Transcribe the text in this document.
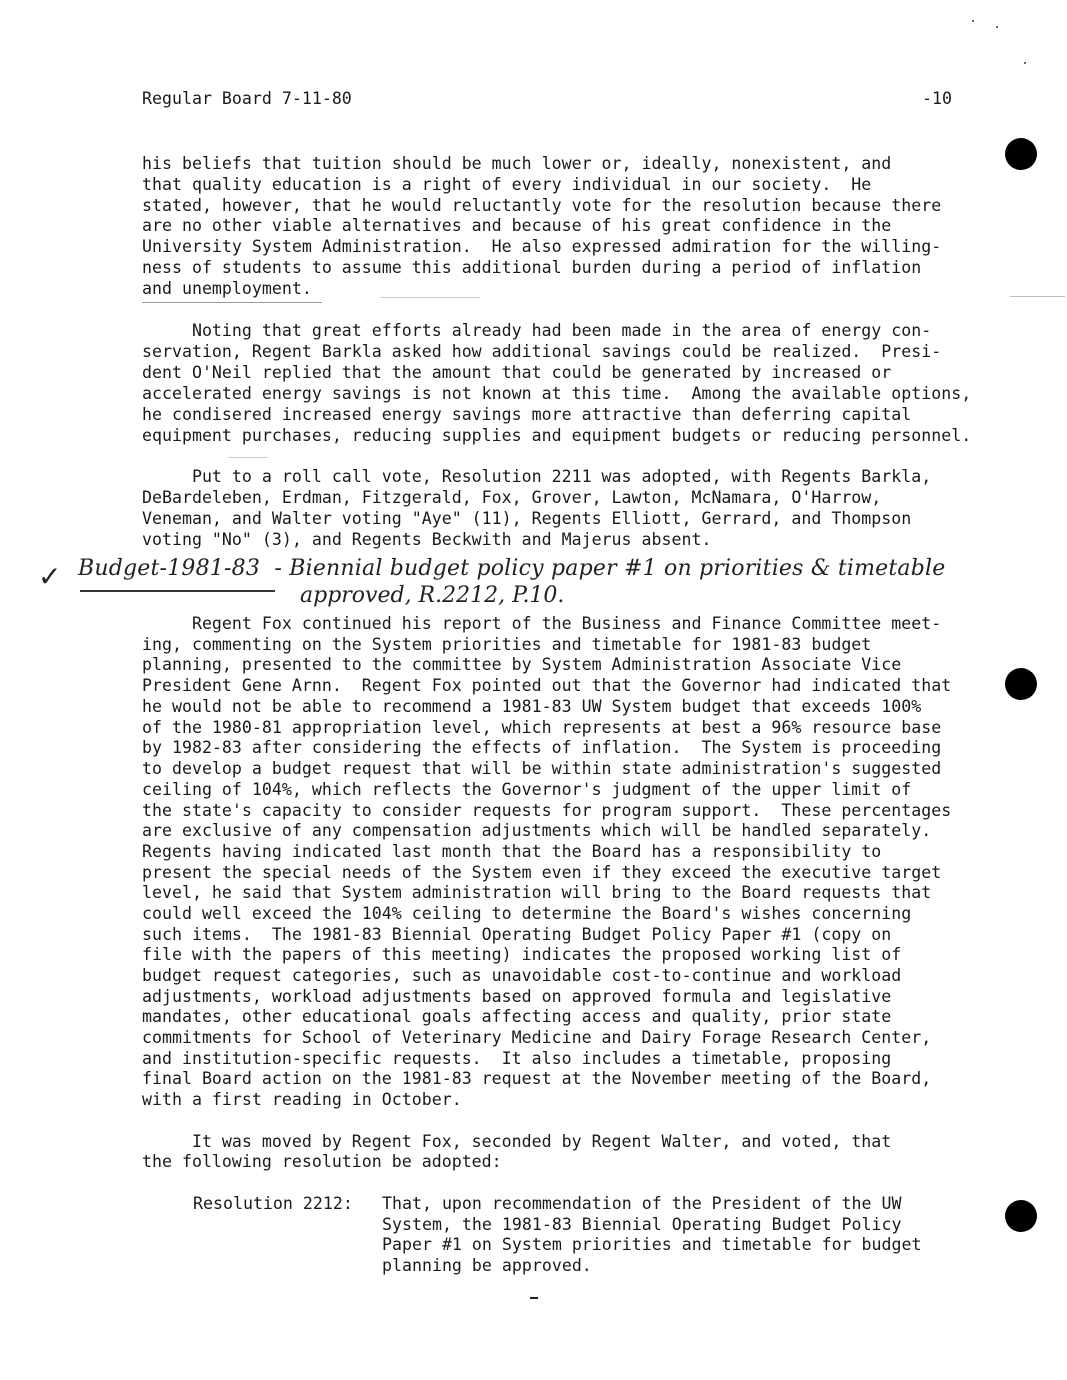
Regular Board 7-11-80	-10
his beliefs that tuition should be much lower or, ideally, nonexistent, and
that quality education is a right of every individual in our society.  He
stated, however, that he would reluctantly vote for the resolution because there
are no other viable alternatives and because of his great confidence in the
University System Administration.  He also expressed admiration for the willing-
ness of students to assume this additional burden during a period of inflation
and unemployment.
Noting that great efforts already had been made in the area of energy con-
servation, Regent Barkla asked how additional savings could be realized.  Presi-
dent O'Neil replied that the amount that could be generated by increased or
accelerated energy savings is not known at this time.  Among the available options,
he condisered increased energy savings more attractive than deferring capital
equipment purchases, reducing supplies and equipment budgets or reducing personnel.
Put to a roll call vote, Resolution 2211 was adopted, with Regents Barkla,
DeBardeleben, Erdman, Fitzgerald, Fox, Grover, Lawton, McNamara, O'Harrow,
Veneman, and Walter voting "Aye" (11), Regents Elliott, Gerrard, and Thompson
voting "No" (3), and Regents Beckwith and Majerus absent.
✓ Budget-1981-83  - Biennial budget policy paper #1 on priorities & timetable
approved, R.2212, P.10.
Regent Fox continued his report of the Business and Finance Committee meet-
ing, commenting on the System priorities and timetable for 1981-83 budget
planning, presented to the committee by System Administration Associate Vice
President Gene Arnn.  Regent Fox pointed out that the Governor had indicated that
he would not be able to recommend a 1981-83 UW System budget that exceeds 100%
of the 1980-81 appropriation level, which represents at best a 96% resource base
by 1982-83 after considering the effects of inflation.  The System is proceeding
to develop a budget request that will be within state administration's suggested
ceiling of 104%, which reflects the Governor's judgment of the upper limit of
the state's capacity to consider requests for program support.  These percentages
are exclusive of any compensation adjustments which will be handled separately.
Regents having indicated last month that the Board has a responsibility to
present the special needs of the System even if they exceed the executive target
level, he said that System administration will bring to the Board requests that
could well exceed the 104% ceiling to determine the Board's wishes concerning
such items.  The 1981-83 Biennial Operating Budget Policy Paper #1 (copy on
file with the papers of this meeting) indicates the proposed working list of
budget request categories, such as unavoidable cost-to-continue and workload
adjustments, workload adjustments based on approved formula and legislative
mandates, other educational goals affecting access and quality, prior state
commitments for School of Veterinary Medicine and Dairy Forage Research Center,
and institution-specific requests.  It also includes a timetable, proposing
final Board action on the 1981-83 request at the November meeting of the Board,
with a first reading in October.
It was moved by Regent Fox, seconded by Regent Walter, and voted, that
the following resolution be adopted:
Resolution 2212: That, upon recommendation of the President of the UW
System, the 1981-83 Biennial Operating Budget Policy
Paper #1 on System priorities and timetable for budget
planning be approved.
